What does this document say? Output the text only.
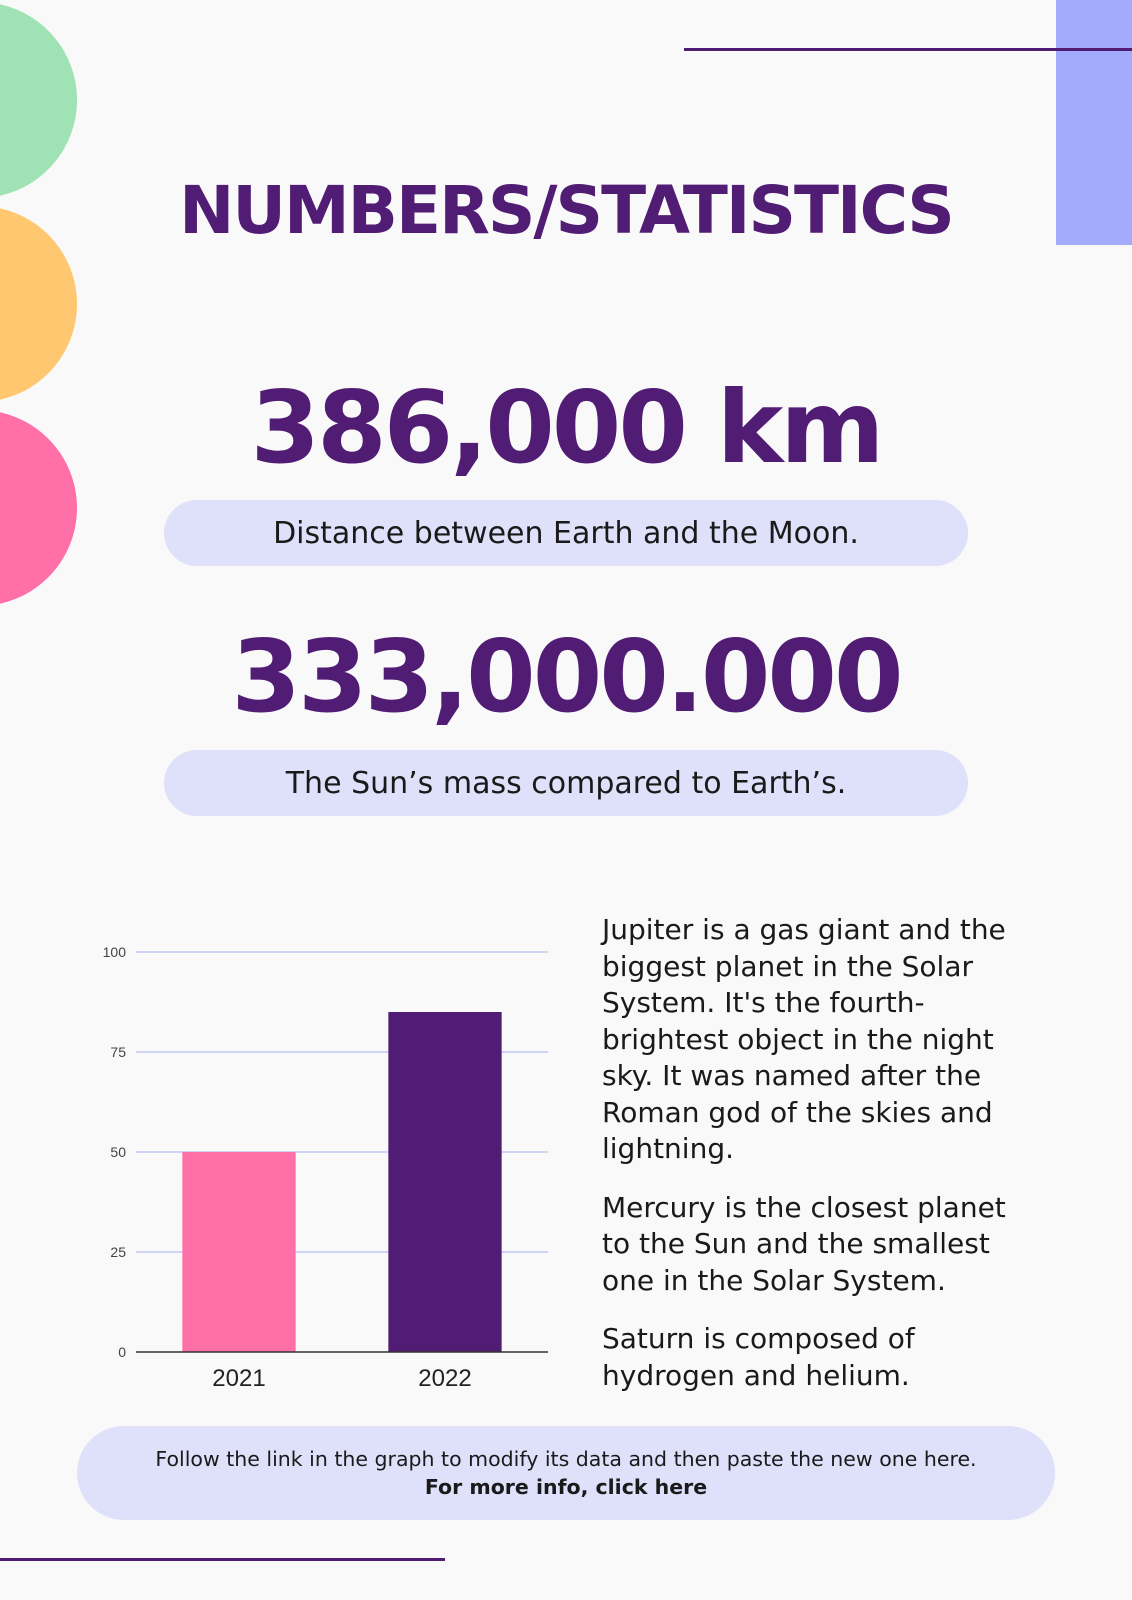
NUMBERS/STATISTICS
386,000 km
Distance between Earth and the Moon.
333,000.000
The Sun’s mass compared to Earth’s.
0
25
50
75
100
2021	2022

Jupiter is a gas giant and the biggest planet in the Solar System. It's the fourth-brightest object in the night sky. It was named after the Roman god of the skies and lightning.

Mercury is the closest planet to the Sun and the smallest one in the Solar System.

Saturn is composed of hydrogen and helium.

Follow the link in the graph to modify its data and then paste the new one here.
For more info, click here
